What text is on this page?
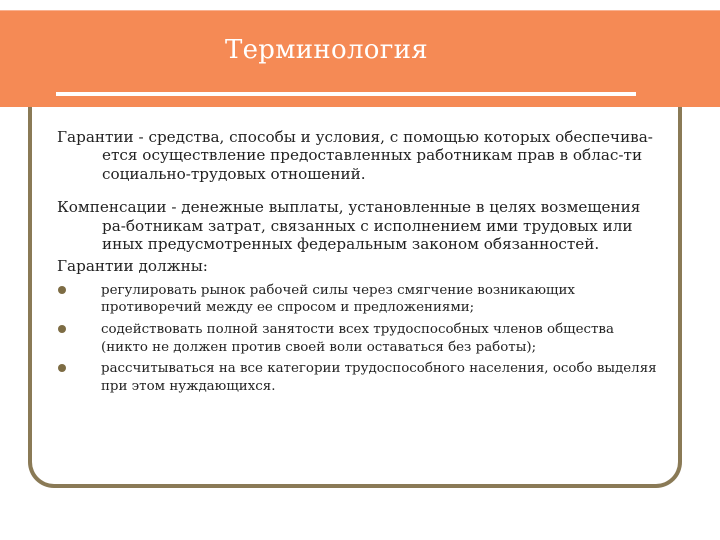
Терминология

Гарантии - средства, способы и условия, с помощью которых обеспечива-ется осуществление предоставленных работникам прав в облас-ти социально-трудовых отношений.

Компенсации - денежные выплаты, установленные в целях возмещения ра-ботникам затрат, связанных с исполнением ими трудовых или иных предусмотренных федеральным законом обязанностей.

Гарантии должны:

регулировать рынок рабочей силы через смягчение возникающих противоречий между ее спросом и предложениями;
содействовать полной занятости всех трудоспособных членов общества (никто не должен против своей воли оставаться без работы);
рассчитываться на все категории трудоспособного населения, особо выделяя при этом нуждающихся.
